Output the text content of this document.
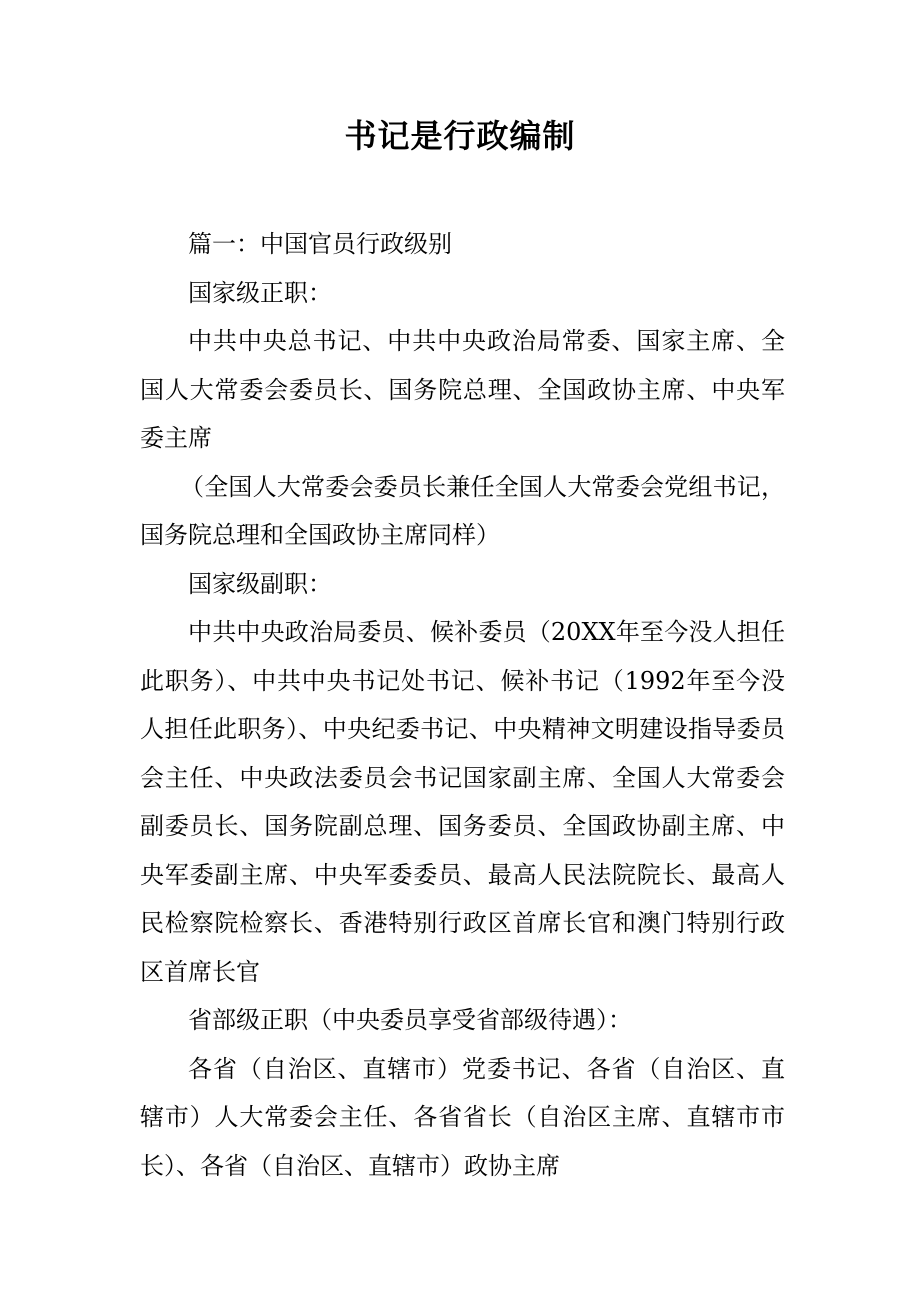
书记是行政编制

篇一：中国官员行政级别

国家级正职：

中共中央总书记、中共中央政治局常委、国家主席、全国人大常委会委员长、国务院总理、全国政协主席、中央军委主席

（全国人大常委会委员长兼任全国人大常委会党组书记，国务院总理和全国政协主席同样）

国家级副职：

中共中央政治局委员、候补委员（20XX年至今没人担任此职务）、中共中央书记处书记、候补书记（1992年至今没人担任此职务）、中央纪委书记、中央精神文明建设指导委员会主任、中央政法委员会书记国家副主席、全国人大常委会副委员长、国务院副总理、国务委员、全国政协副主席、中央军委副主席、中央军委委员、最高人民法院院长、最高人民检察院检察长、香港特别行政区首席长官和澳门特别行政区首席长官

省部级正职（中央委员享受省部级待遇）：

各省（自治区、直辖市）党委书记、各省（自治区、直辖市）人大常委会主任、各省省长（自治区主席、直辖市市长）、各省（自治区、直辖市）政协主席
